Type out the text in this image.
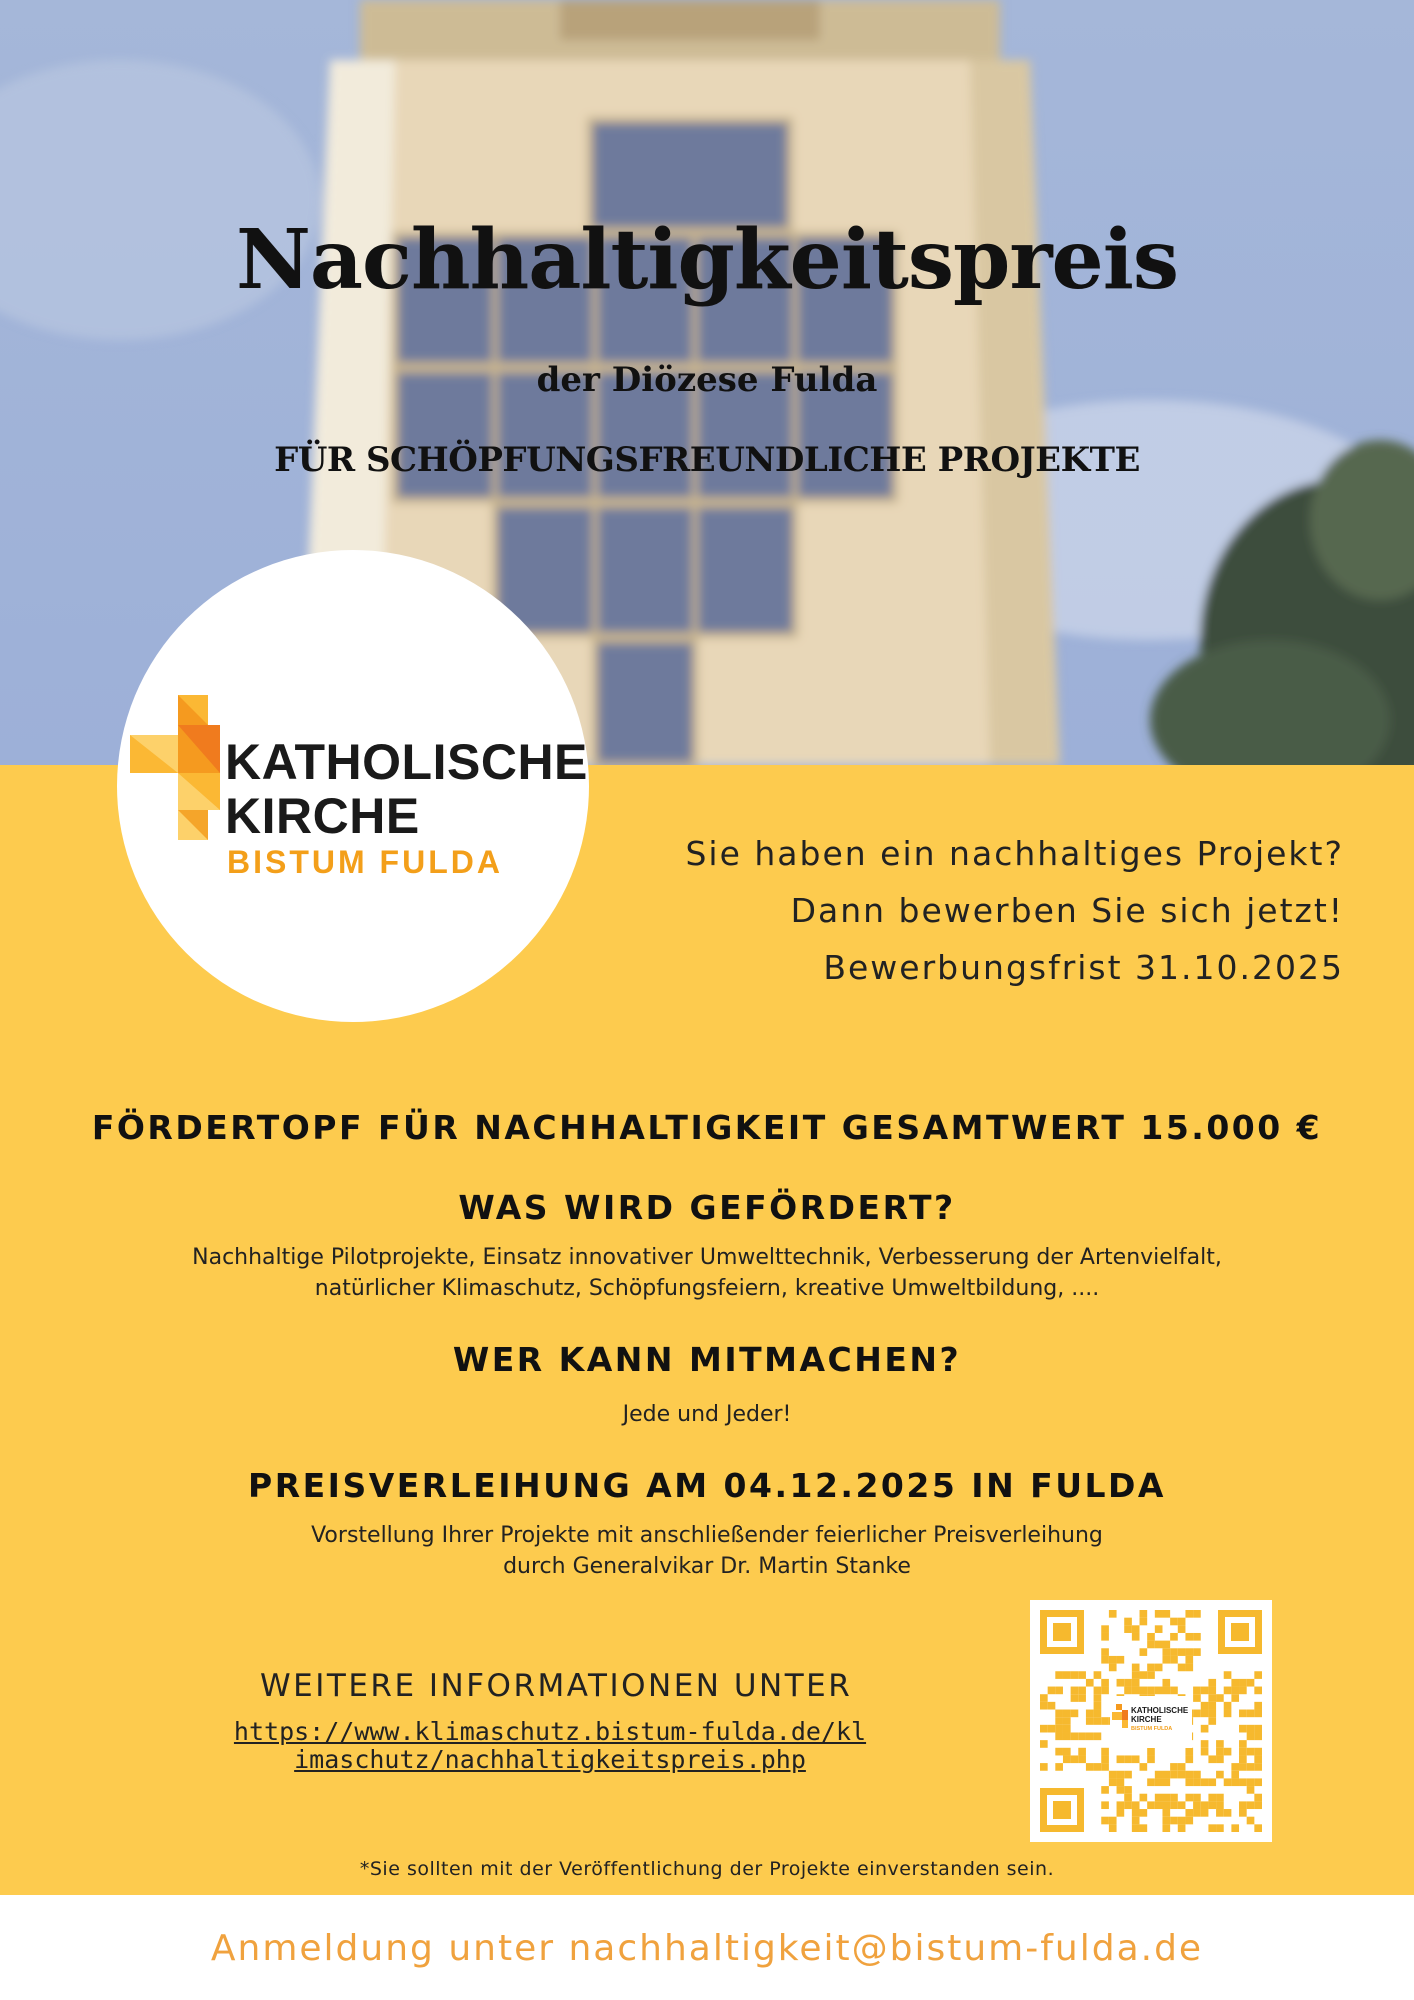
Nachhaltigkeitspreis
der Diözese Fulda
FÜR SCHÖPFUNGSFREUNDLICHE PROJEKTE
KATHOLISCHE
KIRCHE
BISTUM FULDA	Sie haben ein nachhaltiges Projekt?
Dann bewerben Sie sich jetzt!
Bewerbungsfrist 31.10.2025
FÖRDERTOPF FÜR NACHHALTIGKEIT GESAMTWERT 15.000 €
WAS WIRD GEFÖRDERT?
Nachhaltige Pilotprojekte, Einsatz innovativer Umwelttechnik, Verbesserung der Artenvielfalt,
natürlicher Klimaschutz, Schöpfungsfeiern, kreative Umweltbildung, ....
WER KANN MITMACHEN?
Jede und Jeder!
PREISVERLEIHUNG AM 04.12.2025 IN FULDA
Vorstellung Ihrer Projekte mit anschließender feierlicher Preisverleihung
durch Generalvikar Dr. Martin Stanke
WEITERE INFORMATIONEN UNTER
https://www.klimaschutz.bistum-fulda.de/klimaschutz/nachhaltigkeitspreis.php
KATHOLISCHE
KIRCHE
BISTUM FULDA
*Sie sollten mit der Veröffentlichung der Projekte einverstanden sein.
Anmeldung unter nachhaltigkeit@bistum-fulda.de
